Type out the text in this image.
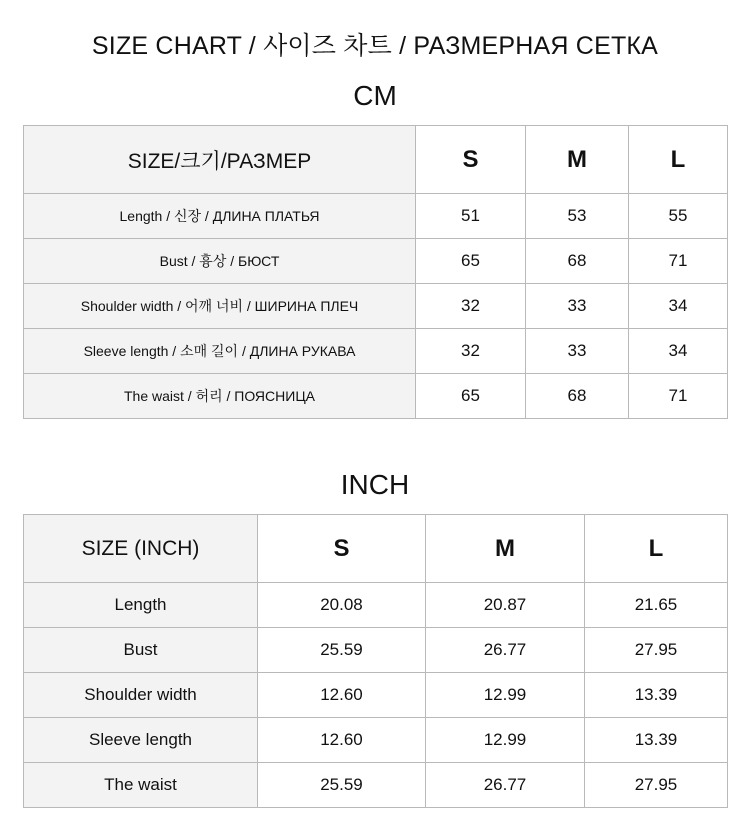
SIZE CHART / 사이즈 차트 / РАЗМЕРНАЯ СЕТКА
CM
SIZE/크기/РАЗМЕР	S	M	L
Length / 신장 / ДЛИНА ПЛАТЬЯ	51	53	55
Bust / 흉상 / БЮСТ	65	68	71
Shoulder width / 어깨 너비 / ШИРИНА ПЛЕЧ	32	33	34
Sleeve length / 소매 길이 / ДЛИНА РУКАВА	32	33	34
The waist / 허리 / ПОЯСНИЦА	65	68	71
INCH
SIZE (INCH)	S	M	L
Length	20.08	20.87	21.65
Bust	25.59	26.77	27.95
Shoulder width	12.60	12.99	13.39
Sleeve length	12.60	12.99	13.39
The waist	25.59	26.77	27.95
